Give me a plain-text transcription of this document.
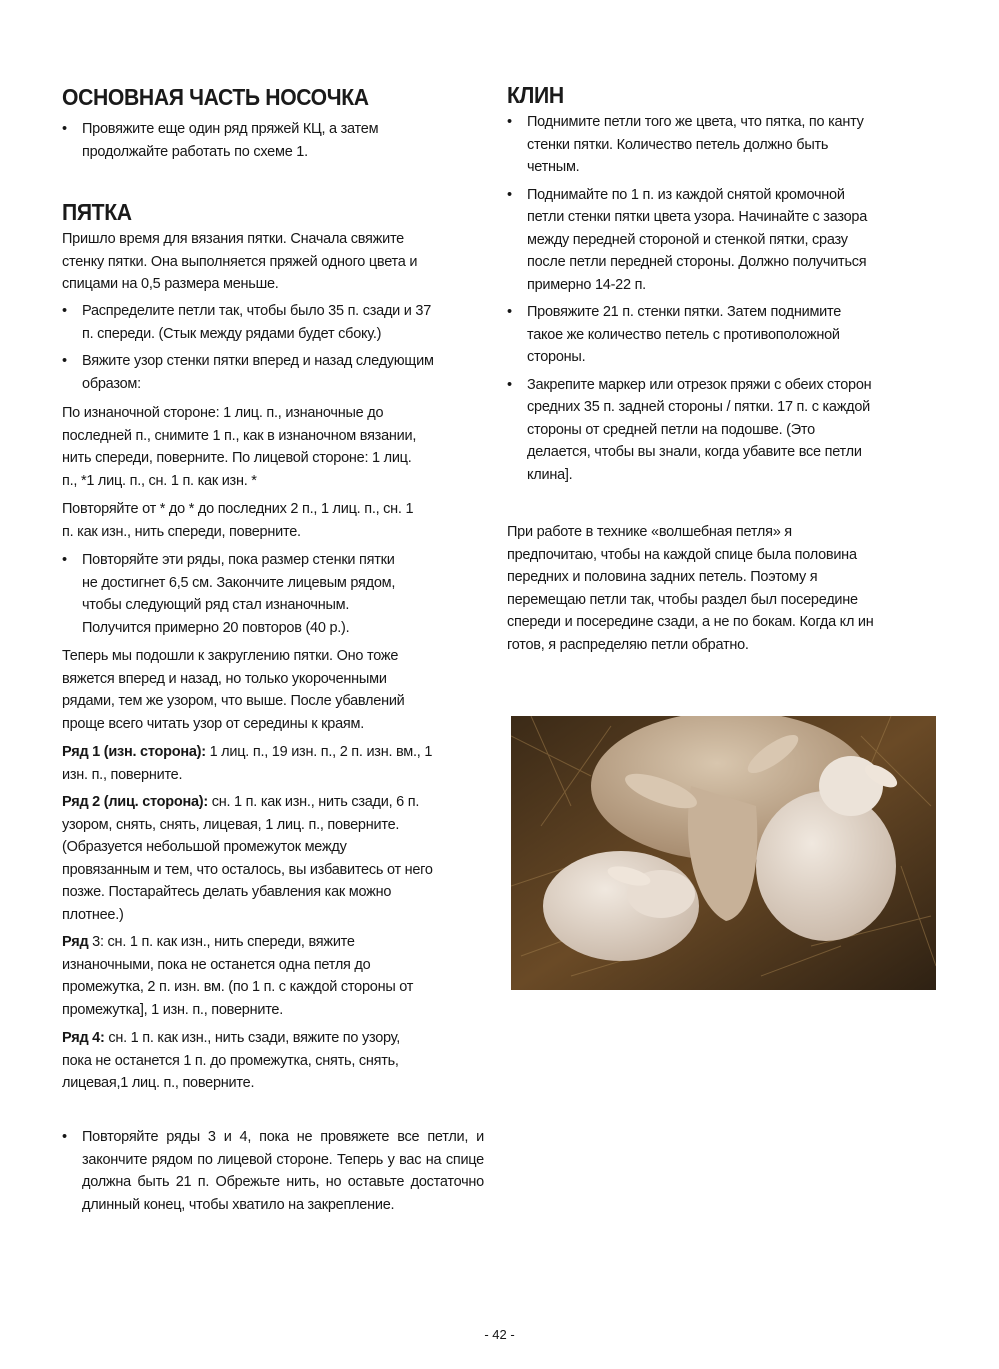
ОСНОВНАЯ ЧАСТЬ НОСОЧКА
• Провяжите еще один ряд пряжей КЦ, а затем продолжайте работать по схеме 1.
ПЯТКА

Пришло время для вязания пятки. Сначала свяжите стенку пятки. Она выполняется пряжей одного цвета и спицами на 0,5 размера меньше.

• Распределите петли так, чтобы было 35 п. сзади и 37 п. спереди. (Стык между рядами будет сбоку.)
• Вяжите узор стенки пятки вперед и назад следующим образом:

По изнаночной стороне: 1 лиц. п., изнаночные до последней п., снимите 1 п., как в изнаночном вязании, нить спереди, поверните. По лицевой стороне: 1 лиц. п., *1 лиц. п., сн. 1 п. как изн. *

Повторяйте от * до * до последних 2 п., 1 лиц. п., сн. 1 п. как изн., нить спереди, поверните.

• Повторяйте эти ряды, пока размер стенки пятки не достигнет 6,5 см. Закончите лицевым рядом, чтобы следующий ряд стал изнаночным. Получится примерно 20 повторов (40 р.).

Теперь мы подошли к закруглению пятки. Оно тоже вяжется вперед и назад, но только укороченными рядами, тем же узором, что выше. После убавлений проще всего читать узор от середины к краям.

Ряд 1 (изн. сторона): 1 лиц. п., 19 изн. п., 2 п. изн. вм., 1 изн. п., поверните.

Ряд 2 (лиц. сторона): сн. 1 п. как изн., нить сзади, 6 п. узором, снять, снять, лицевая, 1 лиц. п., поверните. (Образуется небольшой промежуток между провязанным и тем, что осталось, вы избавитесь от него позже. Постарайтесь делать убавления как можно плотнее.)

Ряд 3: сн. 1 п. как изн., нить спереди, вяжите изнаночными, пока не останется одна петля до промежутка, 2 п. изн. вм. (по 1 п. с каждой стороны от промежутка], 1 изн. п., поверните.

Ряд 4: сн. 1 п. как изн., нить сзади, вяжите по узору, пока не останется 1 п. до промежутка, снять, снять, лицевая,1 лиц. п., поверните.

• Повторяйте ряды 3 и 4, пока не провяжете все петли, и закончите рядом по лицевой стороне. Теперь у вас на спице должна быть 21 п. Обрежьте нить, но оставьте достаточно длинный конец, чтобы хватило на закрепление.
КЛИН
• Поднимите петли того же цвета, что пятка, по канту стенки пятки. Количество петель должно быть четным.
• Поднимайте по 1 п. из каждой снятой кромочной петли стенки пятки цвета узора. Начинайте с зазора между передней стороной и стенкой пятки, сразу после петли передней стороны. Должно получиться примерно 14-22 п.
• Провяжите 21 п. стенки пятки. Затем поднимите такое же количество петель с противоположной стороны.
• Закрепите маркер или отрезок пряжи с обеих сторон средних 35 п. задней стороны / пятки. 17 п. с каждой стороны от средней петли на подошве. (Это делается, чтобы вы знали, когда убавите все петли клина].

При работе в технике «волшебная петля» я предпочитаю, чтобы на каждой спице была половина передних и половина задних петель. Поэтому я перемещаю петли так, чтобы раздел был посередине спереди и посередине сзади, а не по бокам. Когда кл ин готов, я распределяю петли обратно.

- 42 -
